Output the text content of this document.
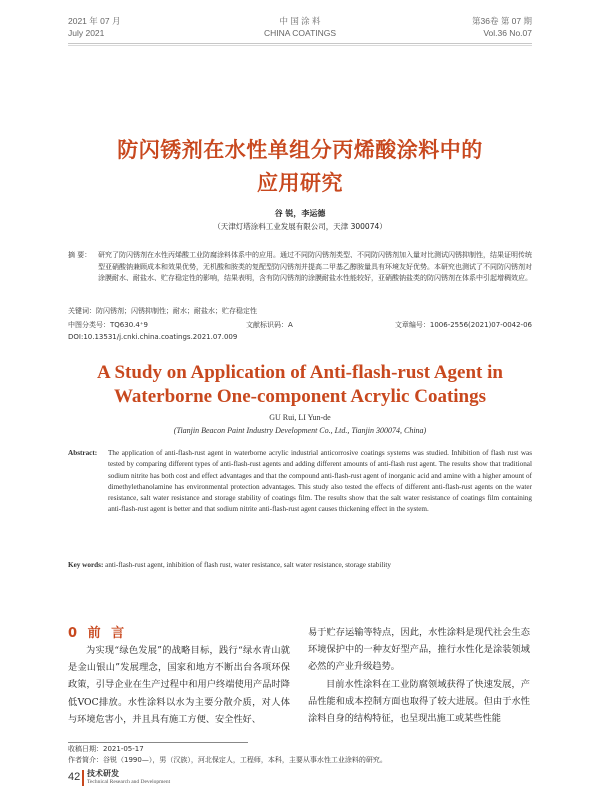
2021 年 07 月
July 2021
中 国 涂 料
CHINA COATINGS
第36卷 第 07 期
Vol.36 No.07
防闪锈剂在水性单组分丙烯酸涂料中的
应用研究
谷 锐，李运德
（天津灯塔涂料工业发展有限公司，天津 300074）
摘 要： 研究了防闪锈剂在水性丙烯酸工业防腐涂料体系中的应用。通过不同防闪锈剂类型、不同防闪锈剂加入量对比测试闪锈抑制性，结果证明传统型亚硝酸钠兼顾成本和效果优势，无机酸和胺类的复配型防闪锈剂并提高二甲基乙醇胺量具有环境友好优势。本研究也测试了不同防闪锈剂对涂膜耐水、耐盐水、贮存稳定性的影响，结果表明，含有防闪锈剂的涂膜耐盐水性能较好，亚硝酸钠盐类的防闪锈剂在体系中引起增稠效应。
关键词：防闪锈剂；闪锈抑制性；耐水；耐盐水；贮存稳定性
中图分类号：TQ630.4⁺9	文献标识码：A	文章编号：1006-2556(2021)07-0042-06
DOI:10.13531/j.cnki.china.coatings.2021.07.009
A Study on Application of Anti-flash-rust Agent in
Waterborne One-component Acrylic Coatings
GU Rui, LI Yun-de
(Tianjin Beacon Paint Industry Development Co., Ltd., Tianjin 300074, China)
Abstract: The application of anti-flash-rust agent in waterborne acrylic industrial anticorrosive coatings systems was studied. Inhibition of flash rust was tested by comparing different types of anti-flash-rust agents and adding different amounts of anti-flash rust agent. The results show that traditional sodium nitrite has both cost and effect advantages and that the compound anti-flash-rust agent of inorganic acid and amine with a higher amount of dimethylethanolamine has environmental protection advantages. This study also tested the effects of different anti-flash-rust agents on the water resistance, salt water resistance and storage stability of coatings film. The results show that the salt water resistance of coatings film containing anti-flash-rust agent is better and that sodium nitrite anti-flash-rust agent causes thickening effect in the system.
Key words: anti-flash-rust agent, inhibition of flash rust, water resistance, salt water resistance, storage stability
0 前 言

为实现“绿色发展”的战略目标，践行“绿水青山就是金山银山”发展理念，国家和地方不断出台各项环保政策，引导企业在生产过程中和用户终端使用产品时降低VOC排放。水性涂料以水为主要分散介质，对人体与环境危害小，并且具有施工方便、安全性好、

易于贮存运输等特点，因此，水性涂料是现代社会生态环境保护中的一种友好型产品，推行水性化是涂装领域必然的产业升级趋势。

目前水性涂料在工业防腐领域获得了快速发展，产品性能和成本控制方面也取得了较大进展。但由于水性涂料自身的结构特征，也呈现出施工或某些性能

收稿日期：2021-05-17
作者简介：谷锐（1990—），男（汉族），河北保定人，工程师，本科，主要从事水性工业涂料的研究。
42 技术研发
Technical Research and Development
